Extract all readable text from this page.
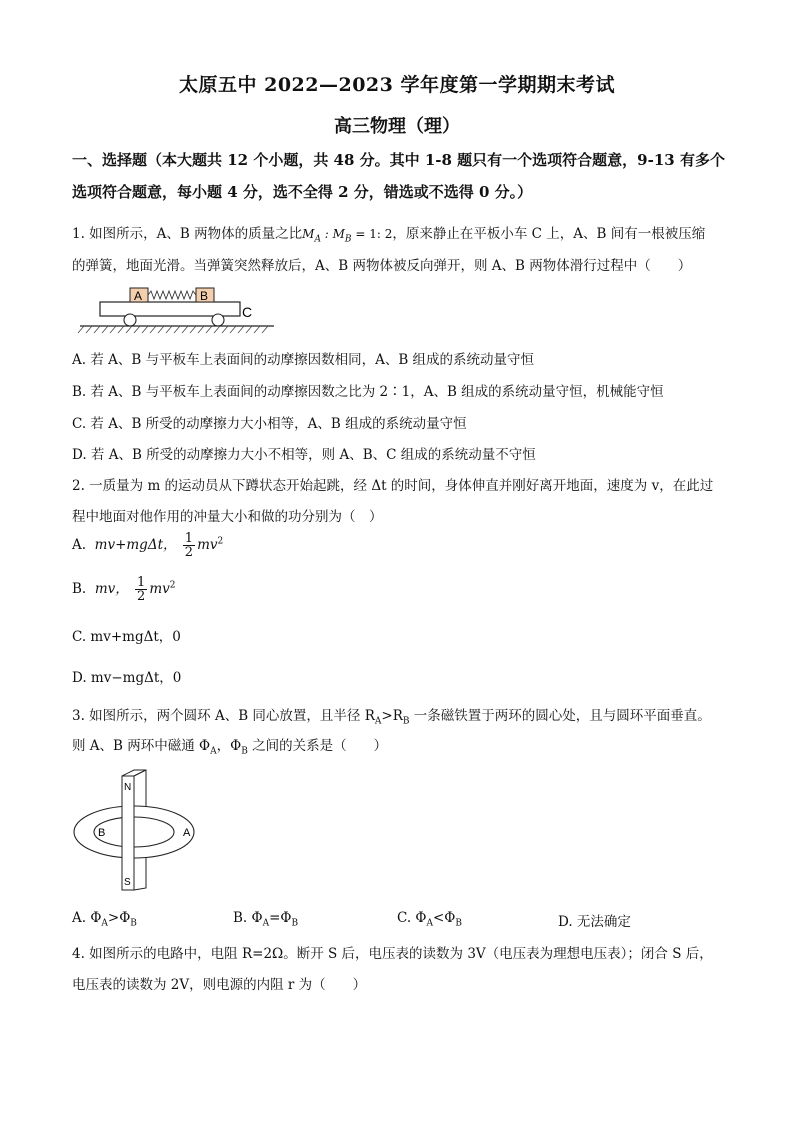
太原五中 2022—2023 学年度第一学期期末考试
高三物理（理）
一、选择题（本大题共 12 个小题，共 48 分。其中 1-8 题只有一个选项符合题意，9-13 有多个
选项符合题意，每小题 4 分，选不全得 2 分，错选或不选得 0 分。）
1. 如图所示，A、B 两物体的质量之比$M_A$ : $M_B = 1$: 2，原来静止在平板小车 C 上，A、B 间有一根被压缩
的弹簧，地面光滑。当弹簧突然释放后，A、B 两物体被反向弹开，则 A、B 两物体滑行过程中（　　）
A	B
C
A. 若 A、B 与平板车上表面间的动摩擦因数相同，A、B 组成的系统动量守恒
B. 若 A、B 与平板车上表面间的动摩擦因数之比为 2∶1，A、B 组成的系统动量守恒，机械能守恒
C. 若 A、B 所受的动摩擦力大小相等，A、B 组成的系统动量守恒
D. 若 A、B 所受的动摩擦力大小不相等，则 A、B、C 组成的系统动量不守恒
2. 一质量为 m 的运动员从下蹲状态开始起跳，经 Δt 的时间，身体伸直并刚好离开地面，速度为 v，在此过
程中地面对他作用的冲量大小和做的功分别为（　）
A. mv+mgΔt， $\frac{1}{2} mv^2$
B. mv， $\frac{1}{2} mv^2$
C. mv+mgΔt，0
D. mv−mgΔt，0
3. 如图所示，两个圆环 A、B 同心放置，且半径 $R_A>R_B$ 一条磁铁置于两环的圆心处，且与圆环平面垂直。
则 A、B 两环中磁通 $\Phi_A$，$\Phi_B$ 之间的关系是（　　）
N
S
A
B
A. $\Phi_A>\Phi_B$	B. $\Phi_A=\Phi_B$	C. $\Phi_A<\Phi_B$	D. 无法确定
4. 如图所示的电路中，电阻 R=2Ω。断开 S 后，电压表的读数为 3V（电压表为理想电压表）；闭合 S 后，
电压表的读数为 2V，则电源的内阻 r 为（　　）
